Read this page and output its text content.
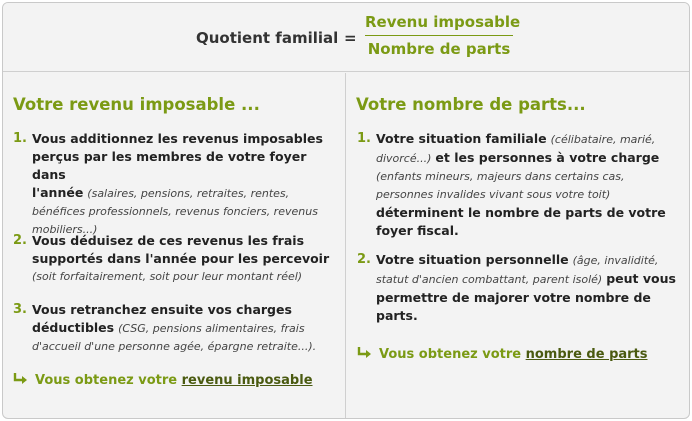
Quotient familial =
Revenu imposable
Nombre de parts
Votre revenu imposable ...
1. Vous additionnez les revenus imposables
perçus par les membres de votre foyer dans
l'année (salaires, pensions, retraites, rentes,
bénéfices professionnels, revenus fonciers, revenus
mobiliers...)
2. Vous déduisez de ces revenus les frais
supportés dans l'année pour les percevoir
(soit forfaitairement, soit pour leur montant réel)
3. Vous retranchez ensuite vos charges
déductibles (CSG, pensions alimentaires, frais
d'accueil d'une personne agée, épargne retraite...).
Vous obtenez votre revenu imposable
Votre nombre de parts...
1. Votre situation familiale (célibataire, marié,
divorcé...) et les personnes à votre charge
(enfants mineurs, majeurs dans certains cas,
personnes invalides vivant sous votre toit)
déterminent le nombre de parts de votre
foyer fiscal.
2. Votre situation personnelle (âge, invalidité,
statut d'ancien combattant, parent isolé) peut vous
permettre de majorer votre nombre de
parts.
Vous obtenez votre nombre de parts
